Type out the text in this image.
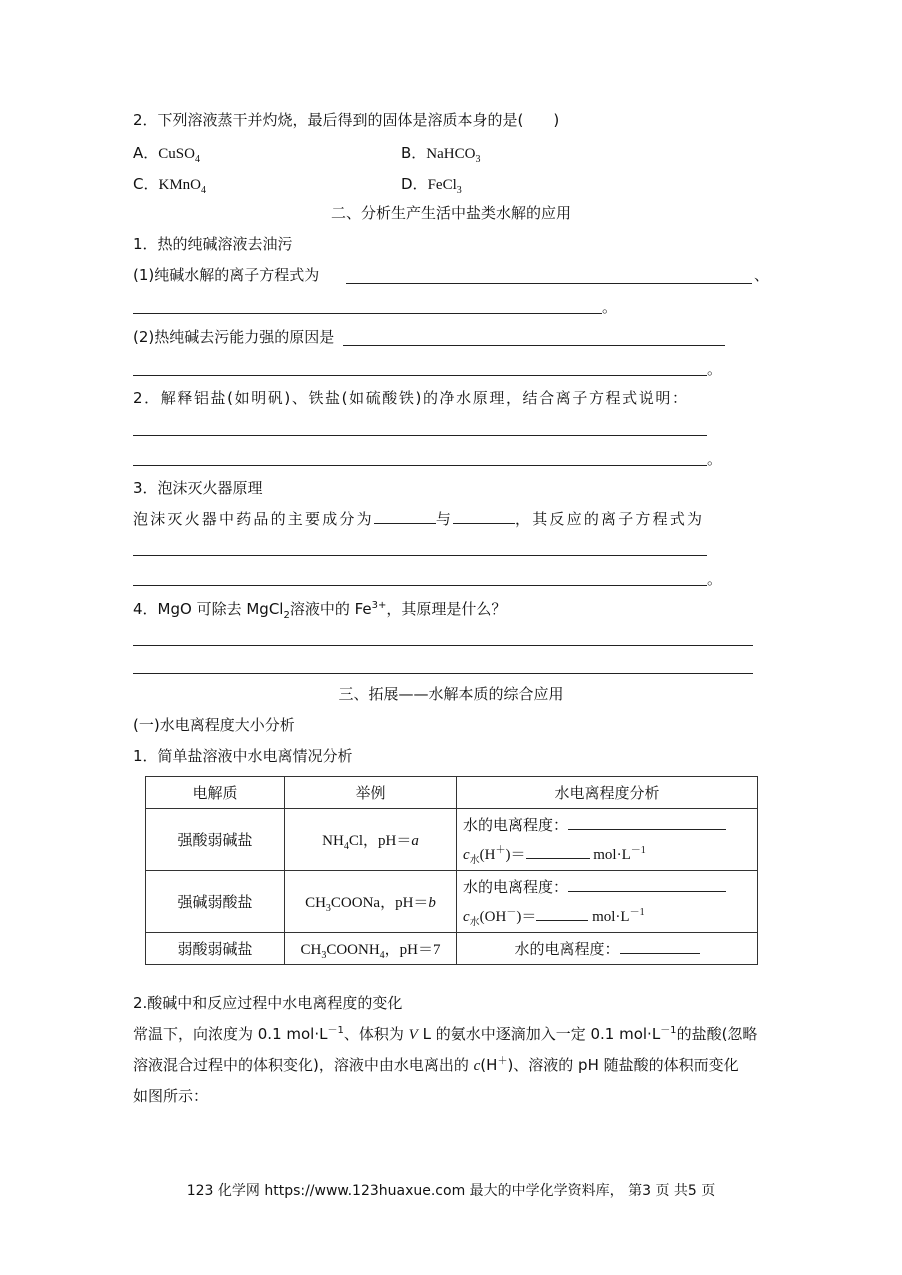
2．下列溶液蒸干并灼烧，最后得到的固体是溶质本身的是(　　)
A．CuSO$_4$	B．NaHCO$_3$
C．KMnO$_4$	D．FeCl$_3$
二、分析生产生活中盐类水解的应用
1．热的纯碱溶液去油污
(1)纯碱水解的离子方程式为	、
。
(2)热纯碱去污能力强的原因是
。
2．解释铝盐(如明矾)、铁盐(如硫酸铁)的净水原理，结合离子方程式说明：
。
3．泡沫灭火器原理
泡沫灭火器中药品的主要成分为	与	，其反应的离子方程式为
。
4．MgO 可除去 MgCl$_2$溶液中的 $Fe^{3+}$，其原理是什么？
三、拓展——水解本质的综合应用
(一)水电离程度大小分析
1．简单盐溶液中水电离情况分析
电解质	举例	水电离程度分析
强酸弱碱盐	$NH_4Cl$，pH＝a	水的电离程度：
$c_水(H^+)= mol\cdot L^{-1}$

强碱弱酸盐	$CH_3COONa$，pH＝b	水的电离程度：
$c_水(OH^-)= mol\cdot L^{-1}$

弱酸弱碱盐	$CH_3COONH_4$，pH＝7	水的电离程度：
2.酸碱中和反应过程中水电离程度的变化
常温下，向浓度为 0.1 $mol\cdot L^{-1}$、体积为 V L 的氨水中逐滴加入一定 0.1 $mol\cdot L^{-1}$的盐酸(忽略
溶液混合过程中的体积变化)，溶液中由水电离出的 c(H＋)、溶液的 pH 随盐酸的体积而变化
如图所示：
123 化学网 https://www.123huaxue.com 最大的中学化学资料库， 第3 页 共5 页
